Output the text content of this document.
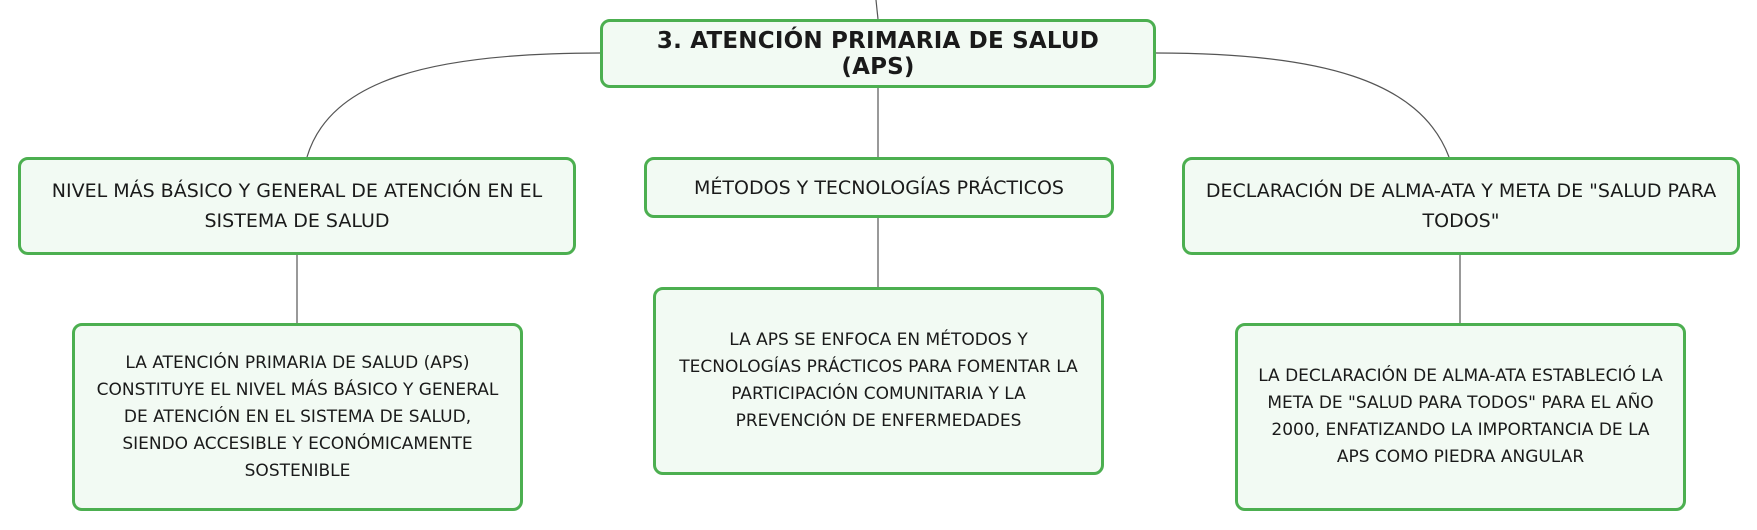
3. ATENCIÓN PRIMARIA DE SALUD (APS)
NIVEL MÁS BÁSICO Y GENERAL DE ATENCIÓN EN EL SISTEMA DE SALUD
MÉTODOS Y TECNOLOGÍAS PRÁCTICOS	DECLARACIÓN DE ALMA-ATA Y META DE "SALUD PARA TODOS"
LA ATENCIÓN PRIMARIA DE SALUD (APS) CONSTITUYE EL NIVEL MÁS BÁSICO Y GENERAL DE ATENCIÓN EN EL SISTEMA DE SALUD, SIENDO ACCESIBLE Y ECONÓMICAMENTE SOSTENIBLE
LA APS SE ENFOCA EN MÉTODOS Y TECNOLOGÍAS PRÁCTICOS PARA FOMENTAR LA PARTICIPACIÓN COMUNITARIA Y LA PREVENCIÓN DE ENFERMEDADES
LA DECLARACIÓN DE ALMA-ATA ESTABLECIÓ LA META DE "SALUD PARA TODOS" PARA EL AÑO 2000, ENFATIZANDO LA IMPORTANCIA DE LA APS COMO PIEDRA ANGULAR
